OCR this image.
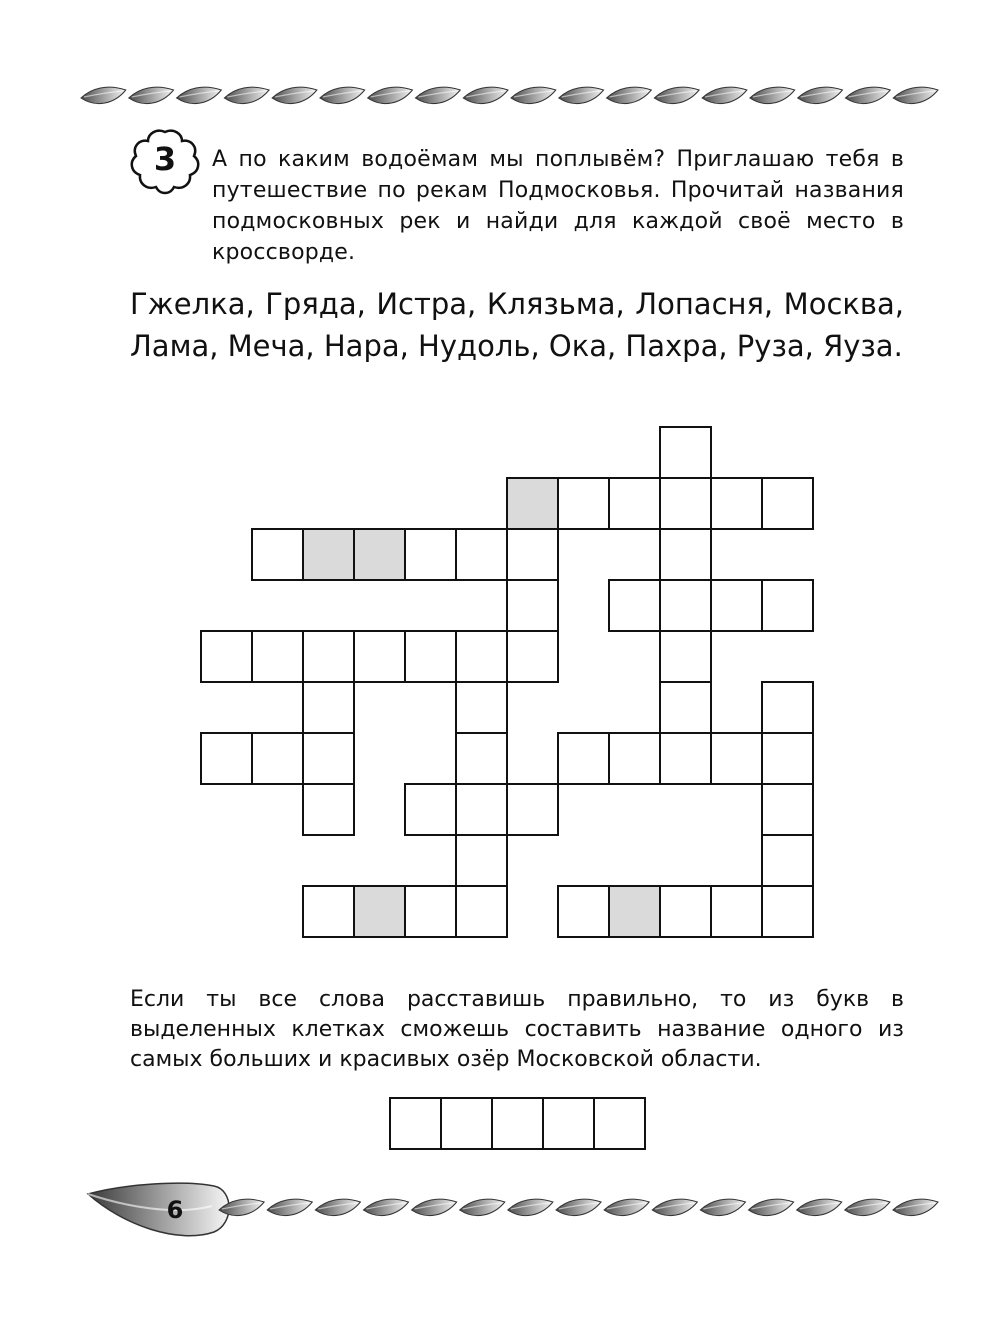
3	А по каким водоёмам мы поплывём? Приглашаю тебя в путешествие по рекам Подмосковья. Прочитай названия подмосковных рек и найди для каждой своё место в кроссворде.

Гжелка, Гряда, Истра, Клязьма, Лопасня, Москва, Лама, Меча, Нара, Нудоль, Ока, Пахра, Руза, Яуза.

Если ты все слова расставишь правильно, то из букв в выделенных клетках сможешь составить название одного из самых больших и красивых озёр Московской области.

6
